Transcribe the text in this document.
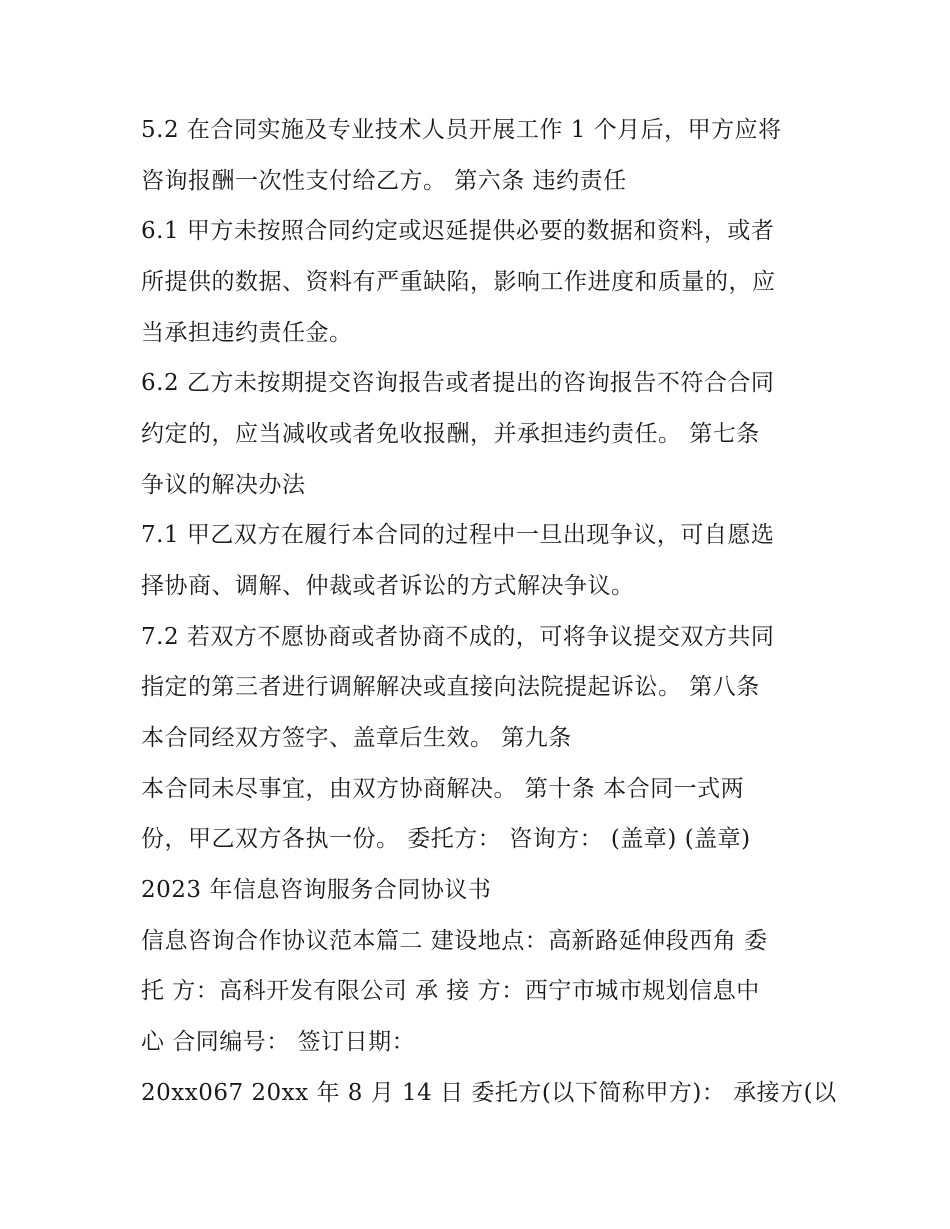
5.2 在合同实施及专业技术人员开展工作 1 个月后，甲方应将
咨询报酬一次性支付给乙方。 第六条 违约责任
6.1 甲方未按照合同约定或迟延提供必要的数据和资料，或者
所提供的数据、资料有严重缺陷，影响工作进度和质量的，应
当承担违约责任金。
6.2 乙方未按期提交咨询报告或者提出的咨询报告不符合合同
约定的，应当减收或者免收报酬，并承担违约责任。 第七条
争议的解决办法
7.1 甲乙双方在履行本合同的过程中一旦出现争议，可自愿选
择协商、调解、仲裁或者诉讼的方式解决争议。
7.2 若双方不愿协商或者协商不成的，可将争议提交双方共同
指定的第三者进行调解解决或直接向法院提起诉讼。 第八条
本合同经双方签字、盖章后生效。 第九条
本合同未尽事宜，由双方协商解决。 第十条 本合同一式两
份，甲乙双方各执一份。 委托方： 咨询方： (盖章) (盖章)
2023 年信息咨询服务合同协议书
信息咨询合作协议范本篇二 建设地点：高新路延伸段西角 委
托 方：高科开发有限公司 承 接 方：西宁市城市规划信息中
心 合同编号： 签订日期：
20xx067 20xx 年 8 月 14 日 委托方(以下简称甲方)： 承接方(以
